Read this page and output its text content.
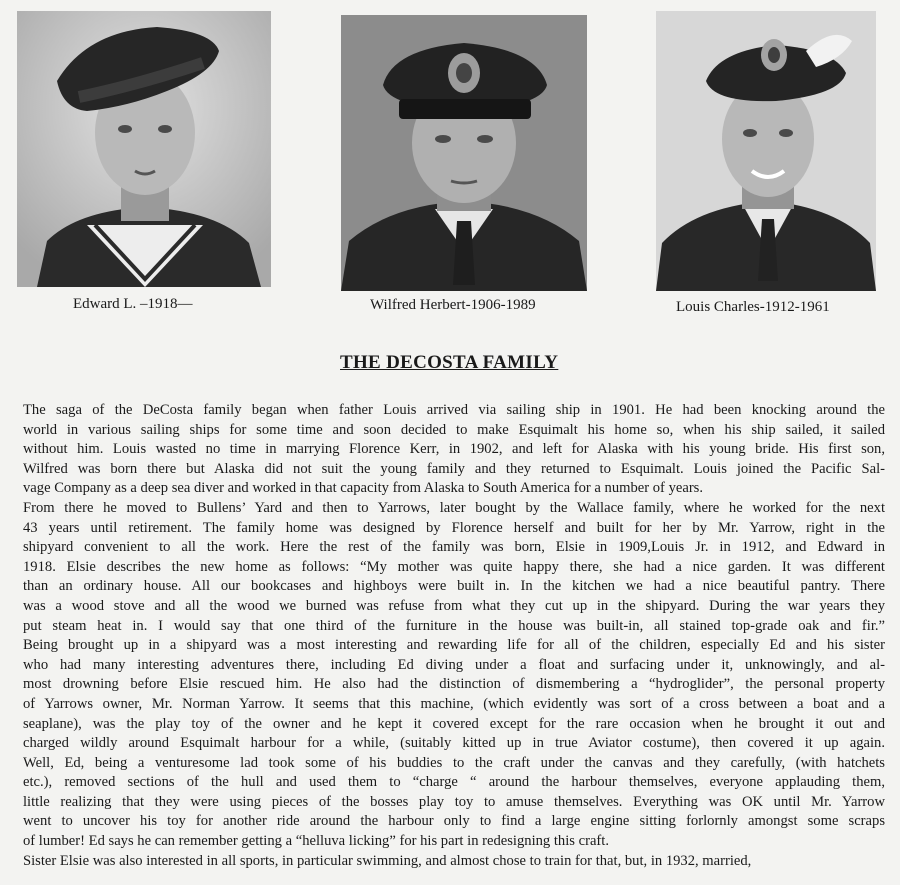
Edward L. –1918—	Wilfred Herbert-1906-1989	Louis Charles-1912-1961
THE DECOSTA FAMILY
The saga of the DeCosta family began when father Louis arrived via sailing ship in 1901. He had been knocking around the
world in various sailing ships for some time and soon decided to make Esquimalt his home so, when his ship sailed, it sailed
without him. Louis wasted no time in marrying Florence Kerr, in 1902, and left for Alaska with his young bride. His first son,
Wilfred was born there but Alaska did not suit the young family and they returned to Esquimalt. Louis joined the Pacific Sal-
vage Company as a deep sea diver and worked in that capacity from Alaska to South America for a number of years.
From there he moved to Bullens’ Yard and then to Yarrows, later bought by the Wallace family, where he worked for the next
43 years until retirement. The family home was designed by Florence herself and built for her by Mr. Yarrow, right in the
shipyard convenient to all the work. Here the rest of the family was born, Elsie in 1909,Louis Jr. in 1912, and Edward in
1918. Elsie describes the new home as follows: “My mother was quite happy there, she had a nice garden. It was different
than an ordinary house. All our bookcases and highboys were built in. In the kitchen we had a nice beautiful pantry. There
was a wood stove and all the wood we burned was refuse from what they cut up in the shipyard. During the war years they
put steam heat in. I would say that one third of the furniture in the house was built-in, all stained top-grade oak and fir.”
Being brought up in a shipyard was a most interesting and rewarding life for all of the children, especially Ed and his sister
who had many interesting adventures there, including Ed diving under a float and surfacing under it, unknowingly, and al-
most drowning before Elsie rescued him. He also had the distinction of dismembering a “hydroglider”, the personal property
of Yarrows owner, Mr. Norman Yarrow. It seems that this machine, (which evidently was sort of a cross between a boat and a
seaplane), was the play toy of the owner and he kept it covered except for the rare occasion when he brought it out and
charged wildly around Esquimalt harbour for a while, (suitably kitted up in true Aviator costume), then covered it up again.
Well, Ed, being a venturesome lad took some of his buddies to the craft under the canvas and they carefully, (with hatchets
etc.), removed sections of the hull and used them to “charge “ around the harbour themselves, everyone applauding them,
little realizing that they were using pieces of the bosses play toy to amuse themselves. Everything was OK until Mr. Yarrow
went to uncover his toy for another ride around the harbour only to find a large engine sitting forlornly amongst some scraps
of lumber! Ed says he can remember getting a “helluva licking” for his part in redesigning this craft.
Sister Elsie was also interested in all sports, in particular swimming, and almost chose to train for that, but, in 1932, married,
